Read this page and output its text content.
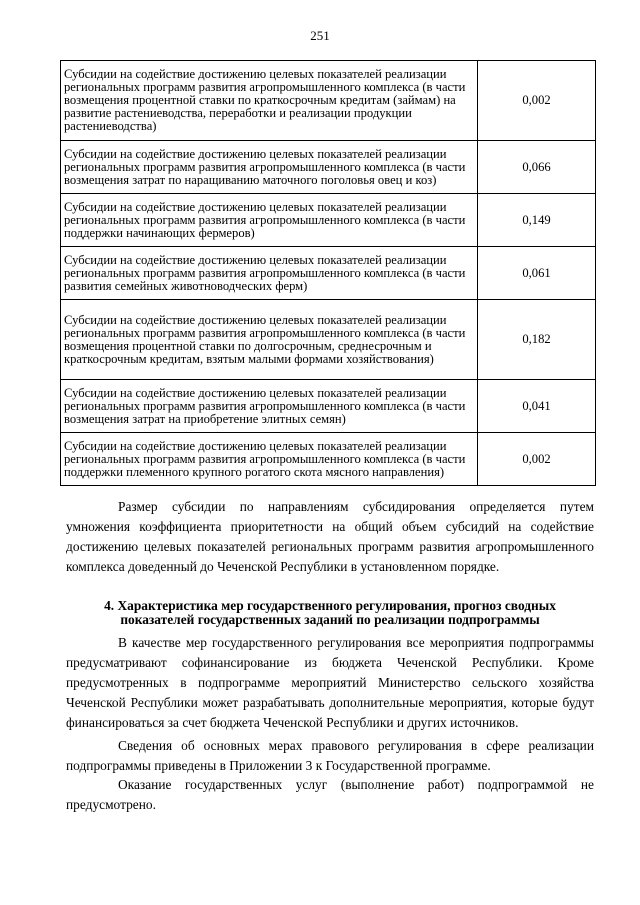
251
Субсидии на содействие достижению целевых показателей реализации региональных программ развития агропромышленного комплекса (в части возмещения процентной ставки по краткосрочным кредитам (займам) на развитие растениеводства, переработки и реализации продукции растениеводства)	0,002
Субсидии на содействие достижению целевых показателей реализации региональных программ развития агропромышленного комплекса (в части возмещения затрат по наращиванию маточного поголовья овец и коз)	0,066
Субсидии на содействие достижению целевых показателей реализации региональных программ развития агропромышленного комплекса (в части поддержки начинающих фермеров)	0,149
Субсидии на содействие достижению целевых показателей реализации региональных программ развития агропромышленного комплекса (в части развития семейных животноводческих ферм)	0,061
Субсидии на содействие достижению целевых показателей реализации региональных программ развития агропромышленного комплекса (в части возмещения процентной ставки по долгосрочным, среднесрочным и краткосрочным кредитам, взятым малыми формами хозяйствования)	0,182
Субсидии на содействие достижению целевых показателей реализации региональных программ развития агропромышленного комплекса (в части возмещения затрат на приобретение элитных семян)	0,041
Субсидии на содействие достижению целевых показателей реализации региональных программ развития агропромышленного комплекса (в части поддержки племенного крупного рогатого скота мясного направления)	0,002

Размер субсидии по направлениям субсидирования определяется путем умножения коэффициента приоритетности на общий объем субсидий на содействие достижению целевых показателей региональных программ развития агропромышленного комплекса доведенный до Чеченской Республики в установленном порядке.

4. Характеристика мер государственного регулирования, прогноз сводных показателей государственных заданий по реализации подпрограммы

В качестве мер государственного регулирования все мероприятия подпрограммы предусматривают софинансирование из бюджета Чеченской Республики. Кроме предусмотренных в подпрограмме мероприятий Министерство сельского хозяйства Чеченской Республики может разрабатывать дополнительные мероприятия, которые будут финансироваться за счет бюджета Чеченской Республики и других источников.

Сведения об основных мерах правового регулирования в сфере реализации подпрограммы приведены в Приложении 3 к Государственной программе.

Оказание государственных услуг (выполнение работ) подпрограммой не предусмотрено.
